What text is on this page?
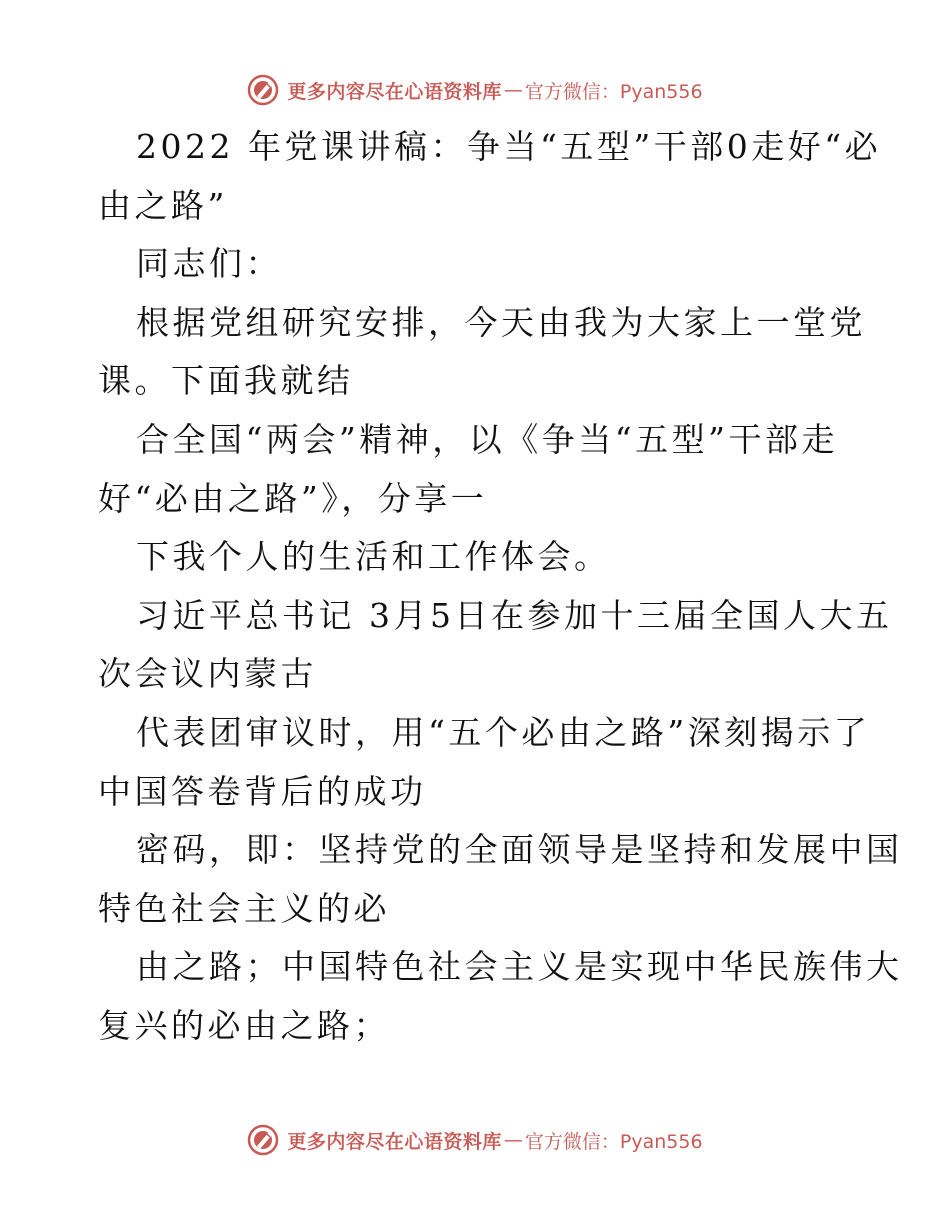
更多内容尽在心语资料库 — 官方微信：Pyan556
2022 年党课讲稿：争当“五型”干部0走好“必
由之路”
同志们：
根据党组研究安排，今天由我为大家上一堂党
课。下面我就结
合全国“两会”精神，以《争当“五型”干部走
好“必由之路”》，分享一
下我个人的生活和工作体会。
习近平总书记 3月5日在参加十三届全国人大五
次会议内蒙古
代表团审议时，用“五个必由之路”深刻揭示了
中国答卷背后的成功
密码，即：坚持党的全面领导是坚持和发展中国
特色社会主义的必
由之路；中国特色社会主义是实现中华民族伟大
复兴的必由之路；
更多内容尽在心语资料库 — 官方微信：Pyan556
